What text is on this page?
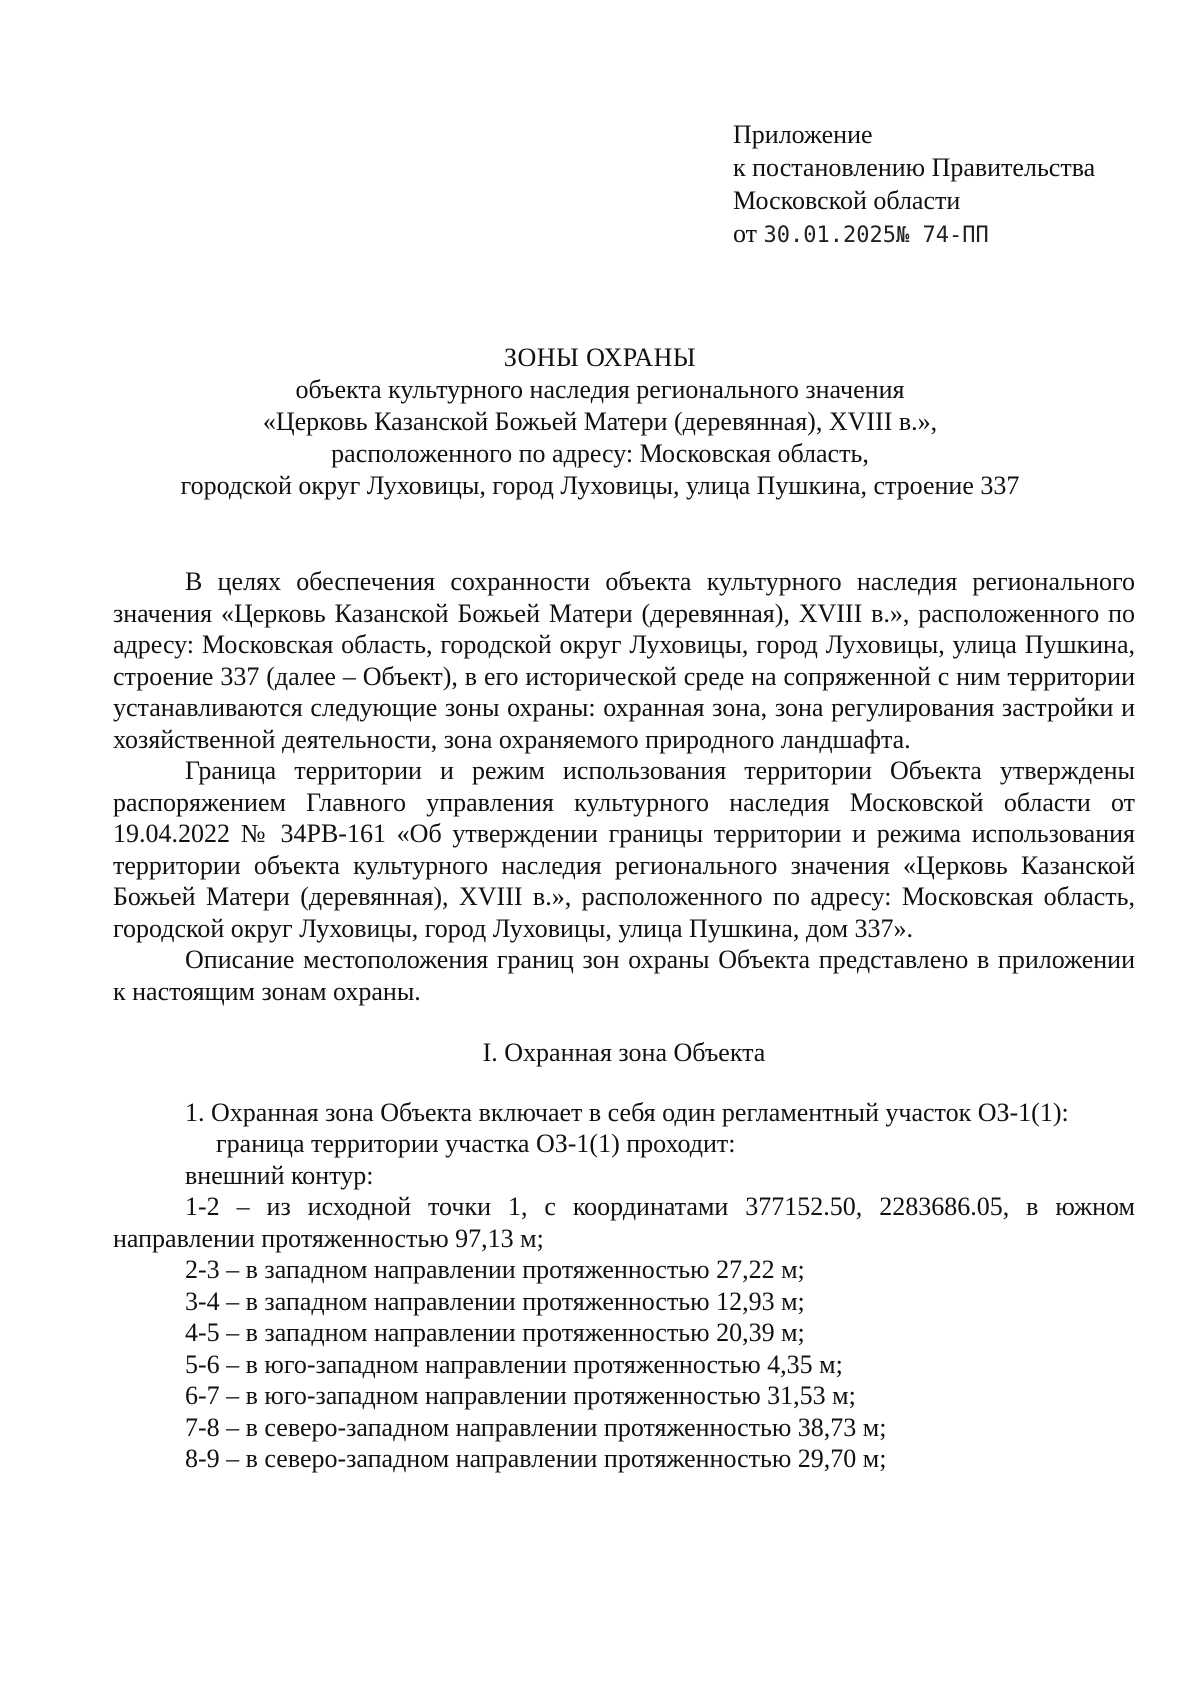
Приложение
к постановлению Правительства
Московской области
от 30.01.2025№ 74-ПП
ЗОНЫ ОХРАНЫ
объекта культурного наследия регионального значения
«Церковь Казанской Божьей Матери (деревянная), XVIII в.»,
расположенного по адресу: Московская область,
городской округ Луховицы, город Луховицы, улица Пушкина, строение 337

В целях обеспечения сохранности объекта культурного наследия регионального значения «Церковь Казанской Божьей Матери (деревянная), XVIII в.», расположенного по адресу: Московская область, городской округ Луховицы, город Луховицы, улица Пушкина, строение 337 (далее – Объект), в его исторической среде на сопряженной с ним территории устанавливаются следующие зоны охраны: охранная зона, зона регулирования застройки и хозяйственной деятельности, зона охраняемого природного ландшафта.

Граница территории и режим использования территории Объекта утверждены распоряжением Главного управления культурного наследия Московской области от 19.04.2022 № 34РВ-161 «Об утверждении границы территории и режима использования территории объекта культурного наследия регионального значения «Церковь Казанской Божьей Матери (деревянная), XVIII в.», расположенного по адресу: Московская область, городской округ Луховицы, город Луховицы, улица Пушкина, дом 337».

Описание местоположения границ зон охраны Объекта представлено в приложении к настоящим зонам охраны.

I. Охранная зона Объекта

1. Охранная зона Объекта включает в себя один регламентный участок ОЗ-1(1):

граница территории участка ОЗ-1(1) проходит:

внешний контур:

1-2 – из исходной точки 1, с координатами 377152.50, 2283686.05, в южном направлении протяженностью 97,13 м;

2-3 – в западном направлении протяженностью 27,22 м;

3-4 – в западном направлении протяженностью 12,93 м;

4-5 – в западном направлении протяженностью 20,39 м;

5-6 – в юго-западном направлении протяженностью 4,35 м;

6-7 – в юго-западном направлении протяженностью 31,53 м;

7-8 – в северо-западном направлении протяженностью 38,73 м;

8-9 – в северо-западном направлении протяженностью 29,70 м;
